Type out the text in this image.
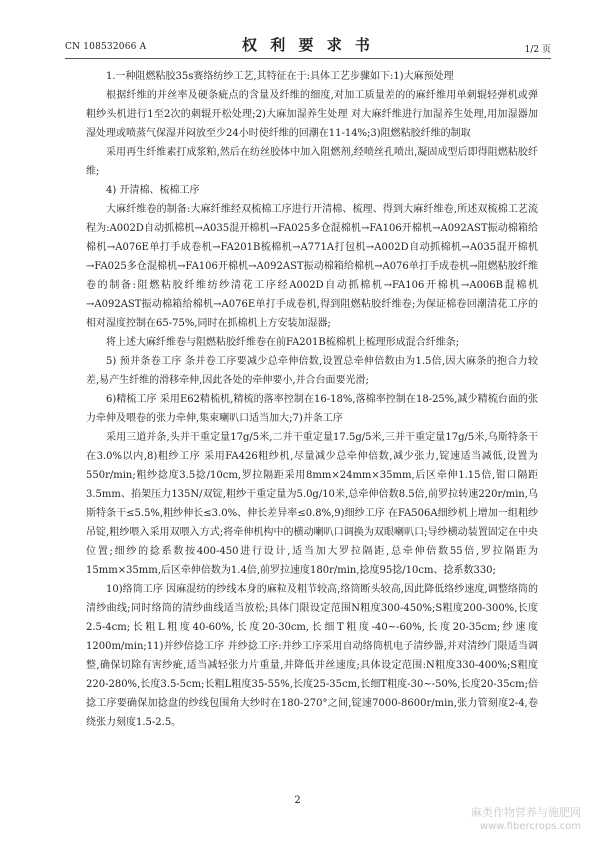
CN 108532066 A	权 利 要 求 书	1/2 页

1.一种阻燃粘胶35s赛络纺纱工艺,其特征在于:具体工艺步骤如下:1)大麻预处理

根据纤维的并丝率及硬条疵点的含量及纤维的细度,对加工质量差的的麻纤维用单刺辊轻弹机或弹粗纱头机进行1至2次的刺辊开松处理;2)大麻加湿养生处理 对大麻纤维进行加湿养生处理,用加湿器加湿处理或喷蒸气保湿并闷放至少24小时使纤维的回潮在11-14%;3)阻燃粘胶纤维的制取

采用再生纤维素打成浆粕,然后在纺丝胶体中加入阻燃剂,经喷丝孔喷出,凝固成型后即得阻燃粘胶纤维;

4) 开清棉、梳棉工序

大麻纤维卷的制备:大麻纤维经双梳棉工序进行开清棉、梳理、得到大麻纤维卷,所述双梳棉工艺流程为:A002D自动抓棉机→A035混开棉机→FA025多仓混棉机→FA106开棉机→A092AST振动棉箱给棉机→A076E单打手成卷机→FA201B梳棉机→A771A打包机→A002D自动抓棉机→A035混开棉机→FA025多仓混棉机→FA106开棉机→A092AST振动棉箱给棉机→A076单打手成卷机→阻燃粘胶纤维卷的制备:阻燃粘胶纤维纺纱清花工序经A002D自动抓棉机→FA106开棉机→A006B混棉机→A092AST振动棉箱给棉机→A076E单打手成卷机,得到阻燃粘胶纤维卷;为保证棉卷回潮清花工序的相对湿度控制在65-75%,同时在抓棉机上方安装加湿器;

将上述大麻纤维卷与阻燃粘胶纤维卷在前FA201B梳棉机上梳理形成混合纤维条;

5) 预并条卷工序 条并卷工序要减少总牵伸倍数,设置总牵伸倍数由为1.5倍,因大麻条的抱合力较差,易产生纤维的滑移牵伸,因此各处的牵伸要小,并合台面要光滑;

6)精梳工序 采用E62精梳机,精梳的落率控制在16-18%,落棉率控制在18-25%,减少精梳台面的张力牵伸及喂卷的张力牵伸,集束喇叭口适当加大;7)并条工序

采用三道并条,头并干重定量17g/5米,二并干重定量17.5g/5米,三并干重定量17g/5米,乌斯特条干在3.0%以内,8)粗纱工序 采用FA426粗纱机,尽量减少总牵伸倍数,减少张力,锭速适当减低,设置为550r/min;粗纱捻度3.5捻/10cm,罗拉隔距采用8mm×24mm×35mm,后区牵伸1.15倍,钳口隔距3.5mm、掐架压力135N/双锭,粗纱干重定量为5.0g/10米,总牵伸倍数8.5倍,前罗拉转速220r/min,乌斯特条干≤5.5%,粗纱伸长≤3.0%、伸长差异率≤0.8%,9)细纱工序 在FA506A细纱机上增加一组粗纱吊锭,粗纱喂入采用双喂入方式;将牵伸机构中的横动喇叭口调换为双眼喇叭口;导纱横动装置固定在中央位置;细纱的捻系数按400-450进行设计,适当加大罗拉隔距,总牵伸倍数55倍,罗拉隔距为15mm×35mm,后区牵伸倍数为1.4倍,前罗拉速度180r/min,捻度95捻/10cm、捻系数330;

10)络筒工序 因麻混纺的纱线本身的麻粒及粗节较高,络筒断头较高,因此降低络纱速度,调整络筒的清纱曲线;同时络筒的清纱曲线适当放松;具体门限设定范围N粗度300-450%;S粗度200-300%,长度2.5-4cm;长粗L粗度40-60%,长度20-30cm,长细T粗度-40~-60%,长度20-35cm;纱速度1200m/min;11)并纱倍捻工序 并纱捻工序:并纱工序采用自动络筒机电子清纱器,并对清纱门限适当调整,确保切除有害纱疵,适当减轻张力片重量,并降低并丝速度;具体设定范围:N粗度330-400%;S粗度220-280%,长度3.5-5cm;长粗L粗度35-55%,长度25-35cm,长细T粗度-30~-50%,长度20-35cm;倍捻工序要确保加捻盘的纱线包围角大纱时在180-270°之间,锭速7000-8600r/min,张力管刻度2-4,卷绕张力刻度1.5-2.5。

2
麻类作物营养与施肥网
www.fibercrops.com
